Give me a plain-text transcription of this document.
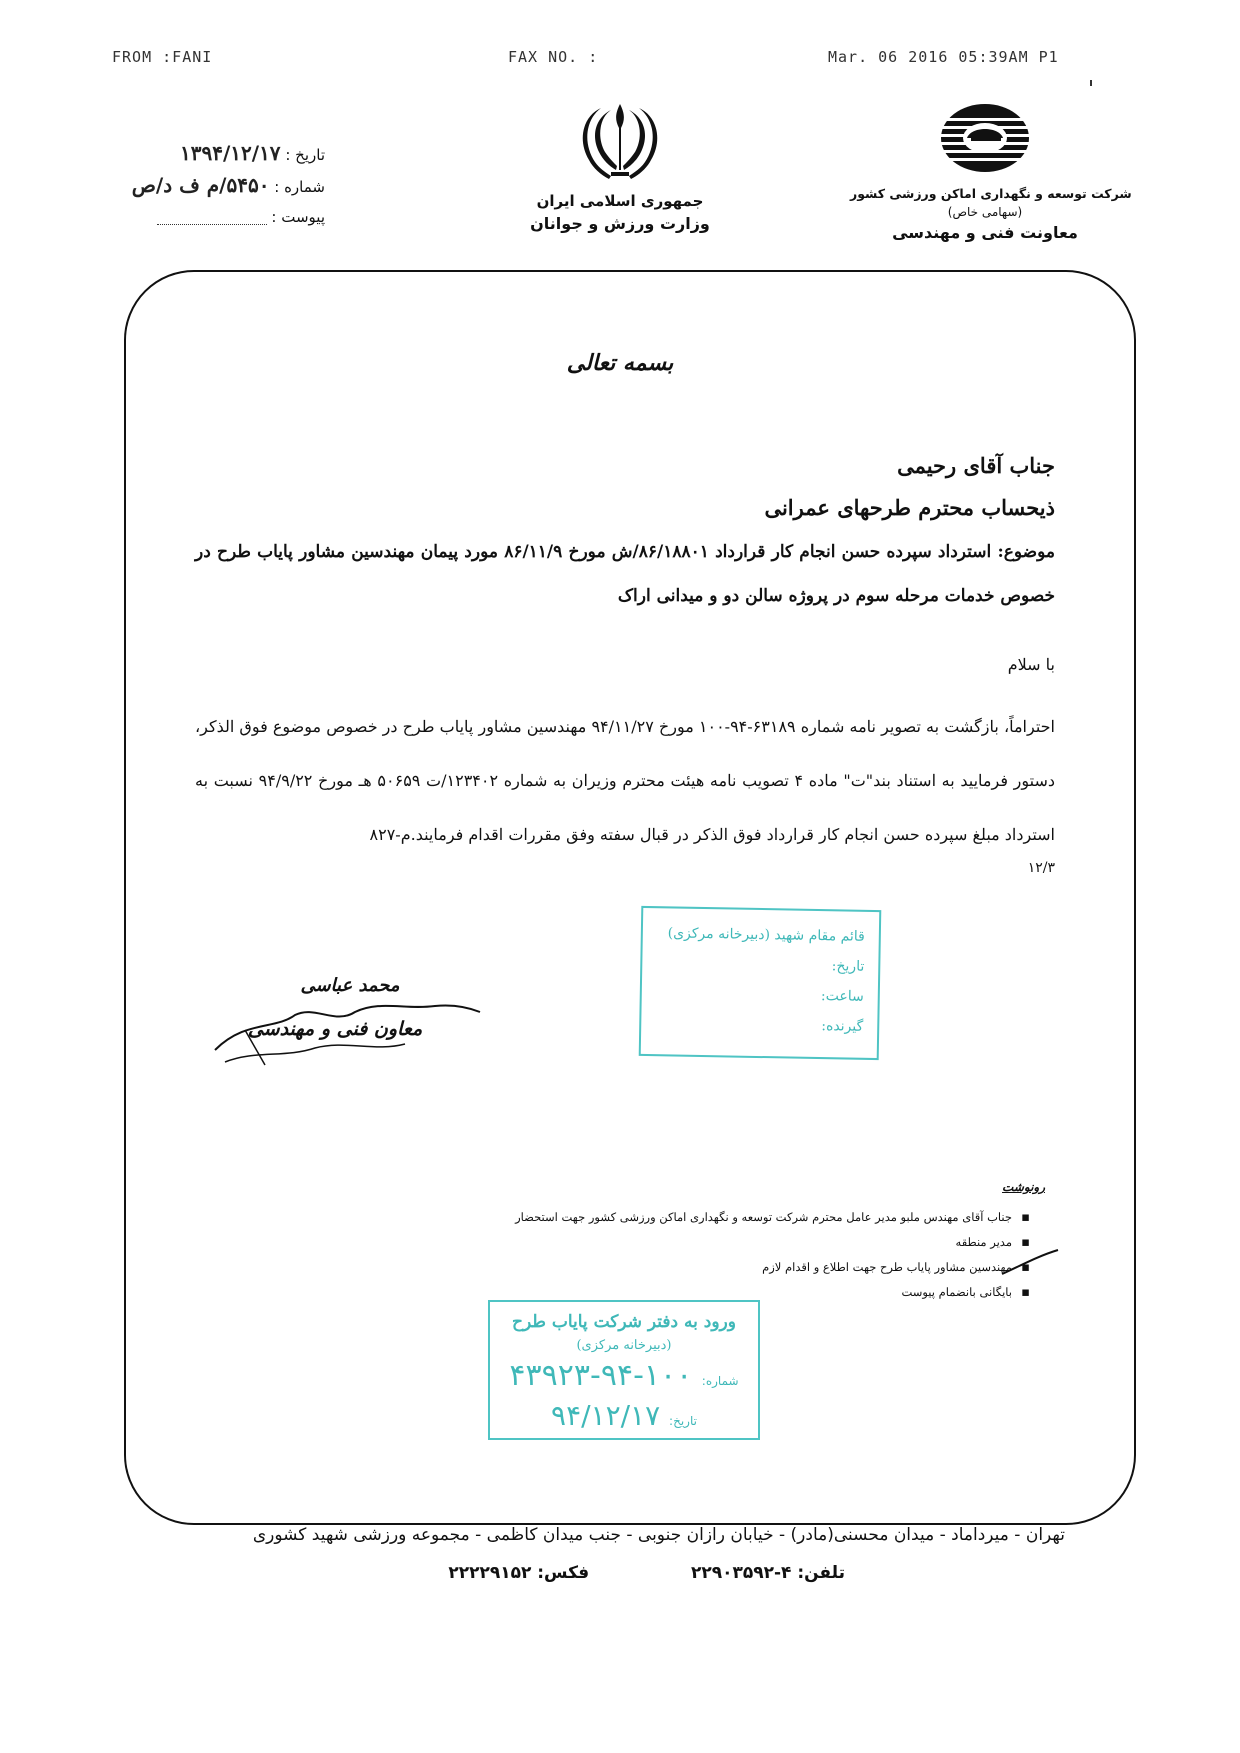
FROM :FANI	FAX NO. :	Mar. 06 2016 05:39AM P1
تاریخ : ۱۳۹۴/۱۲/۱۷
شماره : ۵۴۵۰/م ف د/ص
پیوست :
جمهوری اسلامی ایران
وزارت ورزش و جوانان
شرکت توسعه و نگهداری اماکن ورزشی کشور
(سهامی خاص)
معاونت فنی و مهندسی
بسمه تعالی
جناب آقای رحیمی
ذیحساب محترم طرحهای عمرانی
موضوع: استرداد سپرده حسن انجام کار قرارداد ۸۶/۱۸۸۰۱/ش مورخ ۸۶/۱۱/۹ مورد پیمان مهندسین مشاور پایاب طرح در خصوص خدمات مرحله سوم در پروژه سالن دو و میدانی اراک
با سلام

احتراماً، بازگشت به تصویر نامه شماره ۶۳۱۸۹-۹۴-۱۰۰ مورخ ۹۴/۱۱/۲۷ مهندسین مشاور پایاب طرح در خصوص موضوع فوق الذکر، دستور فرمایید به استناد بند"ت" ماده ۴ تصویب نامه هیئت محترم وزیران به شماره ۱۲۳۴۰۲/ت ۵۰۶۵۹ هـ مورخ ۹۴/۹/۲۲ نسبت به استرداد مبلغ سپرده حسن انجام کار قرارداد فوق الذکر در قبال سفته وفق مقررات اقدام فرمایند.م-۸۲۷

۱۲/۳
قائم مقام شهید (دبیرخانه مرکزی)
تاریخ:
ساعت:
گیرنده:
محمد عباسی
معاون فنی و مهندسی
رونوشت
▪ جناب آقای مهندس ملبو مدیر عامل محترم شرکت توسعه و نگهداری اماکن ورزشی کشور جهت استحضار
▪ مدیر منطقه
▪ مهندسین مشاور پایاب طرح جهت اطلاع و اقدام لازم
▪ بایگانی بانضمام پیوست
ورود به دفتر شرکت پایاب طرح
(دبیرخانه مرکزی)
شماره: ۱۰۰-۹۴-۴۳۹۲۳
تاریخ: ۹۴/۱۲/۱۷
تهران - میرداماد - میدان محسنی(مادر) - خیابان رازان جنوبی - جنب میدان کاظمی - مجموعه ورزشی شهید کشوری
تلفن: ۴-۲۲۹۰۳۵۹۲  فکس: ۲۲۲۲۹۱۵۲
